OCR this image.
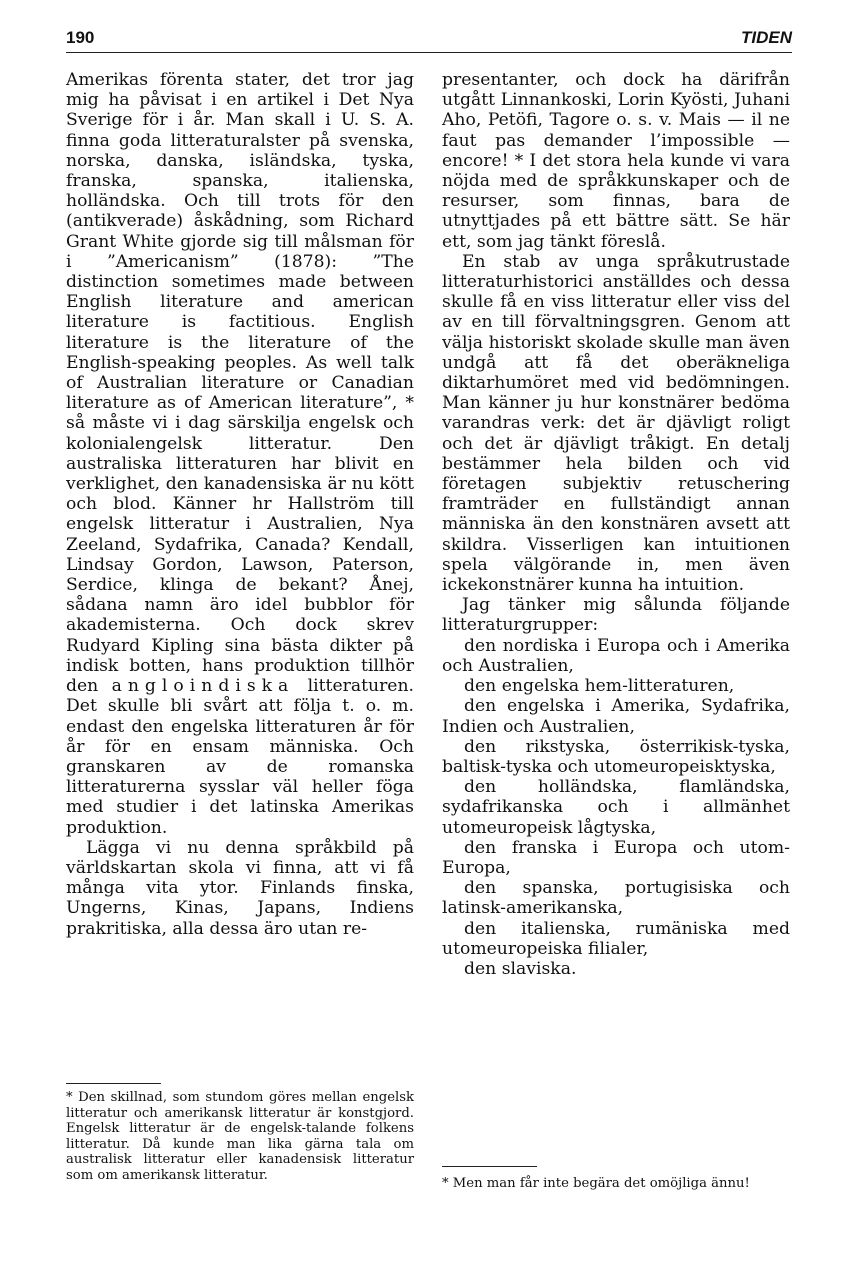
190	TIDEN

Amerikas förenta stater, det tror jag mig ha påvisat i en artikel i Det Nya Sverige för i år. Man skall i U. S. A. finna goda litteraturalster på svenska, norska, danska, isländska, tyska, franska, spanska, italienska, holländska. Och till trots för den (antikverade) åskådning, som Richard Grant White gjorde sig till målsman för i ”Americanism” (1878): ”The distinction sometimes made between English literature and american literature is factitious. English literature is the literature of the English-speaking peoples. As well talk of Australian literature or Canadian literature as of American literature”, * så måste vi i dag särskilja engelsk och kolonialengelsk litteratur. Den australiska litteraturen har blivit en verklighet, den kanadensiska är nu kött och blod. Känner hr Hallström till engelsk litteratur i Australien, Nya Zeeland, Sydafrika, Canada? Kendall, Lindsay Gordon, Lawson, Paterson, Serdice, klinga de bekant? Ånej, sådana namn äro idel bubblor för akademisterna. Och dock skrev Rudyard Kipling sina bästa dikter på indisk botten, hans produktion tillhör den angloindiska litteraturen. Det skulle bli svårt att följa t. o. m. endast den engelska litteraturen år för år för en ensam människa. Och granskaren av de romanska litteraturerna sysslar väl heller föga med studier i det latinska Amerikas produktion.

Lägga vi nu denna språkbild på världskartan skola vi finna, att vi få många vita ytor. Finlands finska, Ungerns, Kinas, Japans, Indiens prakritiska, alla dessa äro utan re-

* Den skillnad, som stundom göres mellan engelsk litteratur och amerikansk litteratur är konstgjord. Engelsk litteratur är de engelsk-talande folkens litteratur. Då kunde man lika gärna tala om australisk litteratur eller kanadensisk litteratur som om amerikansk litteratur.

presentanter, och dock ha därifrån utgått Linnankoski, Lorin Kyösti, Juhani Aho, Petöfi, Tagore o. s. v. Mais — il ne faut pas demander l’impossible — encore! * I det stora hela kunde vi vara nöjda med de språkkunskaper och de resurser, som finnas, bara de utnyttjades på ett bättre sätt. Se här ett, som jag tänkt föreslå.

En stab av unga språkutrustade litteraturhistorici anställdes och dessa skulle få en viss litteratur eller viss del av en till förvaltningsgren. Genom att välja historiskt skolade skulle man även undgå att få det oberäkneliga diktarhumöret med vid bedömningen. Man känner ju hur konstnärer bedöma varandras verk: det är djävligt roligt och det är djävligt tråkigt. En detalj bestämmer hela bilden och vid företagen subjektiv retuschering framträder en fullständigt annan människa än den konstnären avsett att skildra. Visserligen kan intuitionen spela välgörande in, men även ickekonstnärer kunna ha intuition.

Jag tänker mig sålunda följande litteraturgrupper:

den nordiska i Europa och i Amerika och Australien,

den engelska hem-litteraturen,

den engelska i Amerika, Sydafrika, Indien och Australien,

den rikstyska, österrikisk-tyska, baltisk-tyska och utomeuropeisktyska,

den holländska, flamländska, sydafrikanska och i allmänhet utomeuropeisk lågtyska,

den franska i Europa och utom-Europa,

den spanska, portugisiska och latinsk-amerikanska,

den italienska, rumäniska med utomeuropeiska filialer,

den slaviska.

* Men man får inte begära det omöjliga ännu!
